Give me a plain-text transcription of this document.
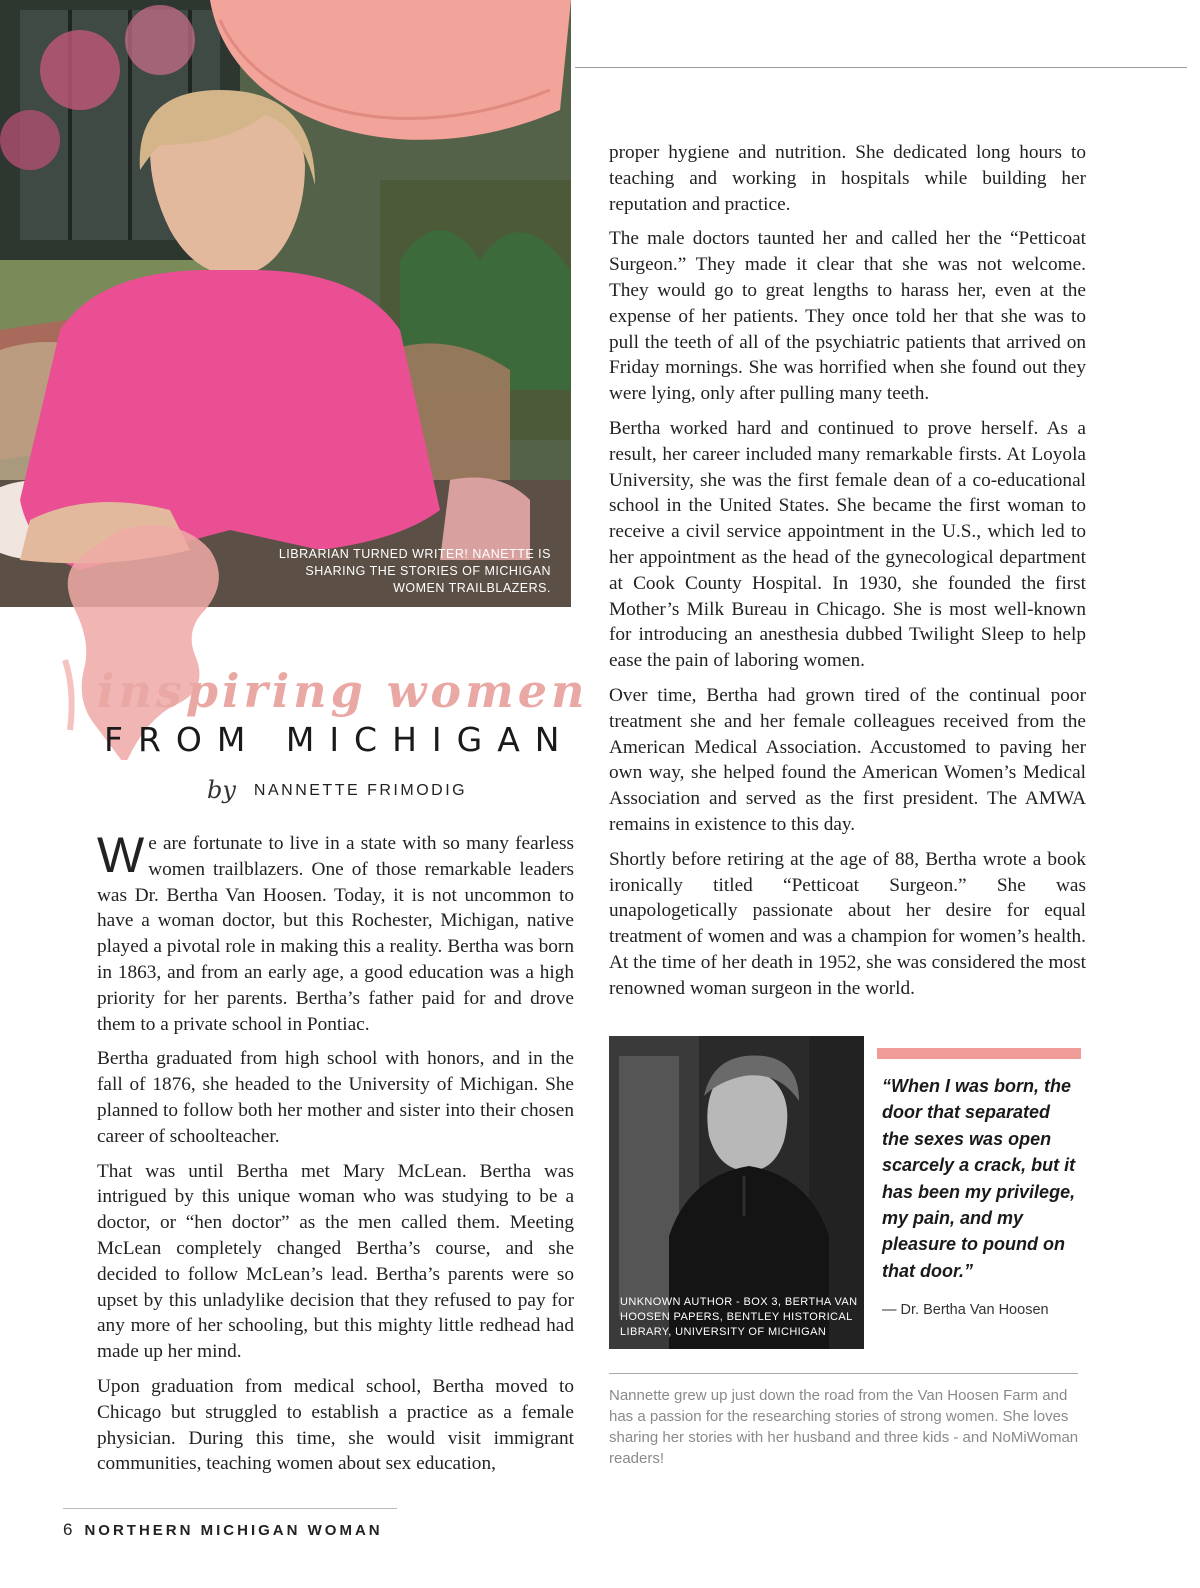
LIBRARIAN TURNED WRITER! NANETTE IS SHARING THE STORIES OF MICHIGAN WOMEN TRAILBLAZERS.
inspiring women
FROM MICHIGAN
by NANNETTE FRIMODIG

We are fortunate to live in a state with so many fearless women trailblazers. One of those remarkable leaders was Dr. Bertha Van Hoosen. Today, it is not uncommon to have a woman doctor, but this Rochester, Michigan, native played a pivotal role in making this a reality. Bertha was born in 1863, and from an early age, a good education was a high priority for her parents. Bertha’s father paid for and drove them to a private school in Pontiac.

Bertha graduated from high school with honors, and in the fall of 1876, she headed to the University of Michigan. She planned to follow both her mother and sister into their chosen career of schoolteacher.

That was until Bertha met Mary McLean. Bertha was intrigued by this unique woman who was studying to be a doctor, or “hen doctor” as the men called them. Meeting McLean completely changed Bertha’s course, and she decided to follow McLean’s lead. Bertha’s parents were so upset by this unladylike decision that they refused to pay for any more of her schooling, but this mighty little redhead had made up her mind.

Upon graduation from medical school, Bertha moved to Chicago but struggled to establish a practice as a female physician. During this time, she would visit immigrant communities, teaching women about sex education,

proper hygiene and nutrition. She dedicated long hours to teaching and working in hospitals while building her reputation and practice.

The male doctors taunted her and called her the “Petticoat Surgeon.” They made it clear that she was not welcome. They would go to great lengths to harass her, even at the expense of her patients. They once told her that she was to pull the teeth of all of the psychiatric patients that arrived on Friday mornings. She was horrified when she found out they were lying, only after pulling many teeth.

Bertha worked hard and continued to prove herself. As a result, her career included many remarkable firsts. At Loyola University, she was the first female dean of a co-educational school in the United States. She became the first woman to receive a civil service appointment in the U.S., which led to her appointment as the head of the gynecological department at Cook County Hospital. In 1930, she founded the first Mother’s Milk Bureau in Chicago. She is most well-known for introducing an anesthesia dubbed Twilight Sleep to help ease the pain of laboring women.

Over time, Bertha had grown tired of the continual poor treatment she and her female colleagues received from the American Medical Association. Accustomed to paving her own way, she helped found the American Women’s Medical Association and served as the first president. The AMWA remains in existence to this day.

Shortly before retiring at the age of 88, Bertha wrote a book ironically titled “Petticoat Surgeon.” She was unapologetically passionate about her desire for equal treatment of women and was a champion for women’s health. At the time of her death in 1952, she was considered the most renowned woman surgeon in the world.

UNKNOWN AUTHOR - BOX 3, BERTHA VAN HOOSEN PAPERS, BENTLEY HISTORICAL LIBRARY, UNIVERSITY OF MICHIGAN
“When I was born, the door that separated the sexes was open scarcely a crack, but it has been my privilege, my pain, and my pleasure to pound on that door.”
— Dr. Bertha Van Hoosen
Nannette grew up just down the road from the Van Hoosen Farm and has a passion for the researching stories of strong women. She loves sharing her stories with her husband and three kids - and NoMiWoman readers!
6 NORTHERN MICHIGAN WOMAN
